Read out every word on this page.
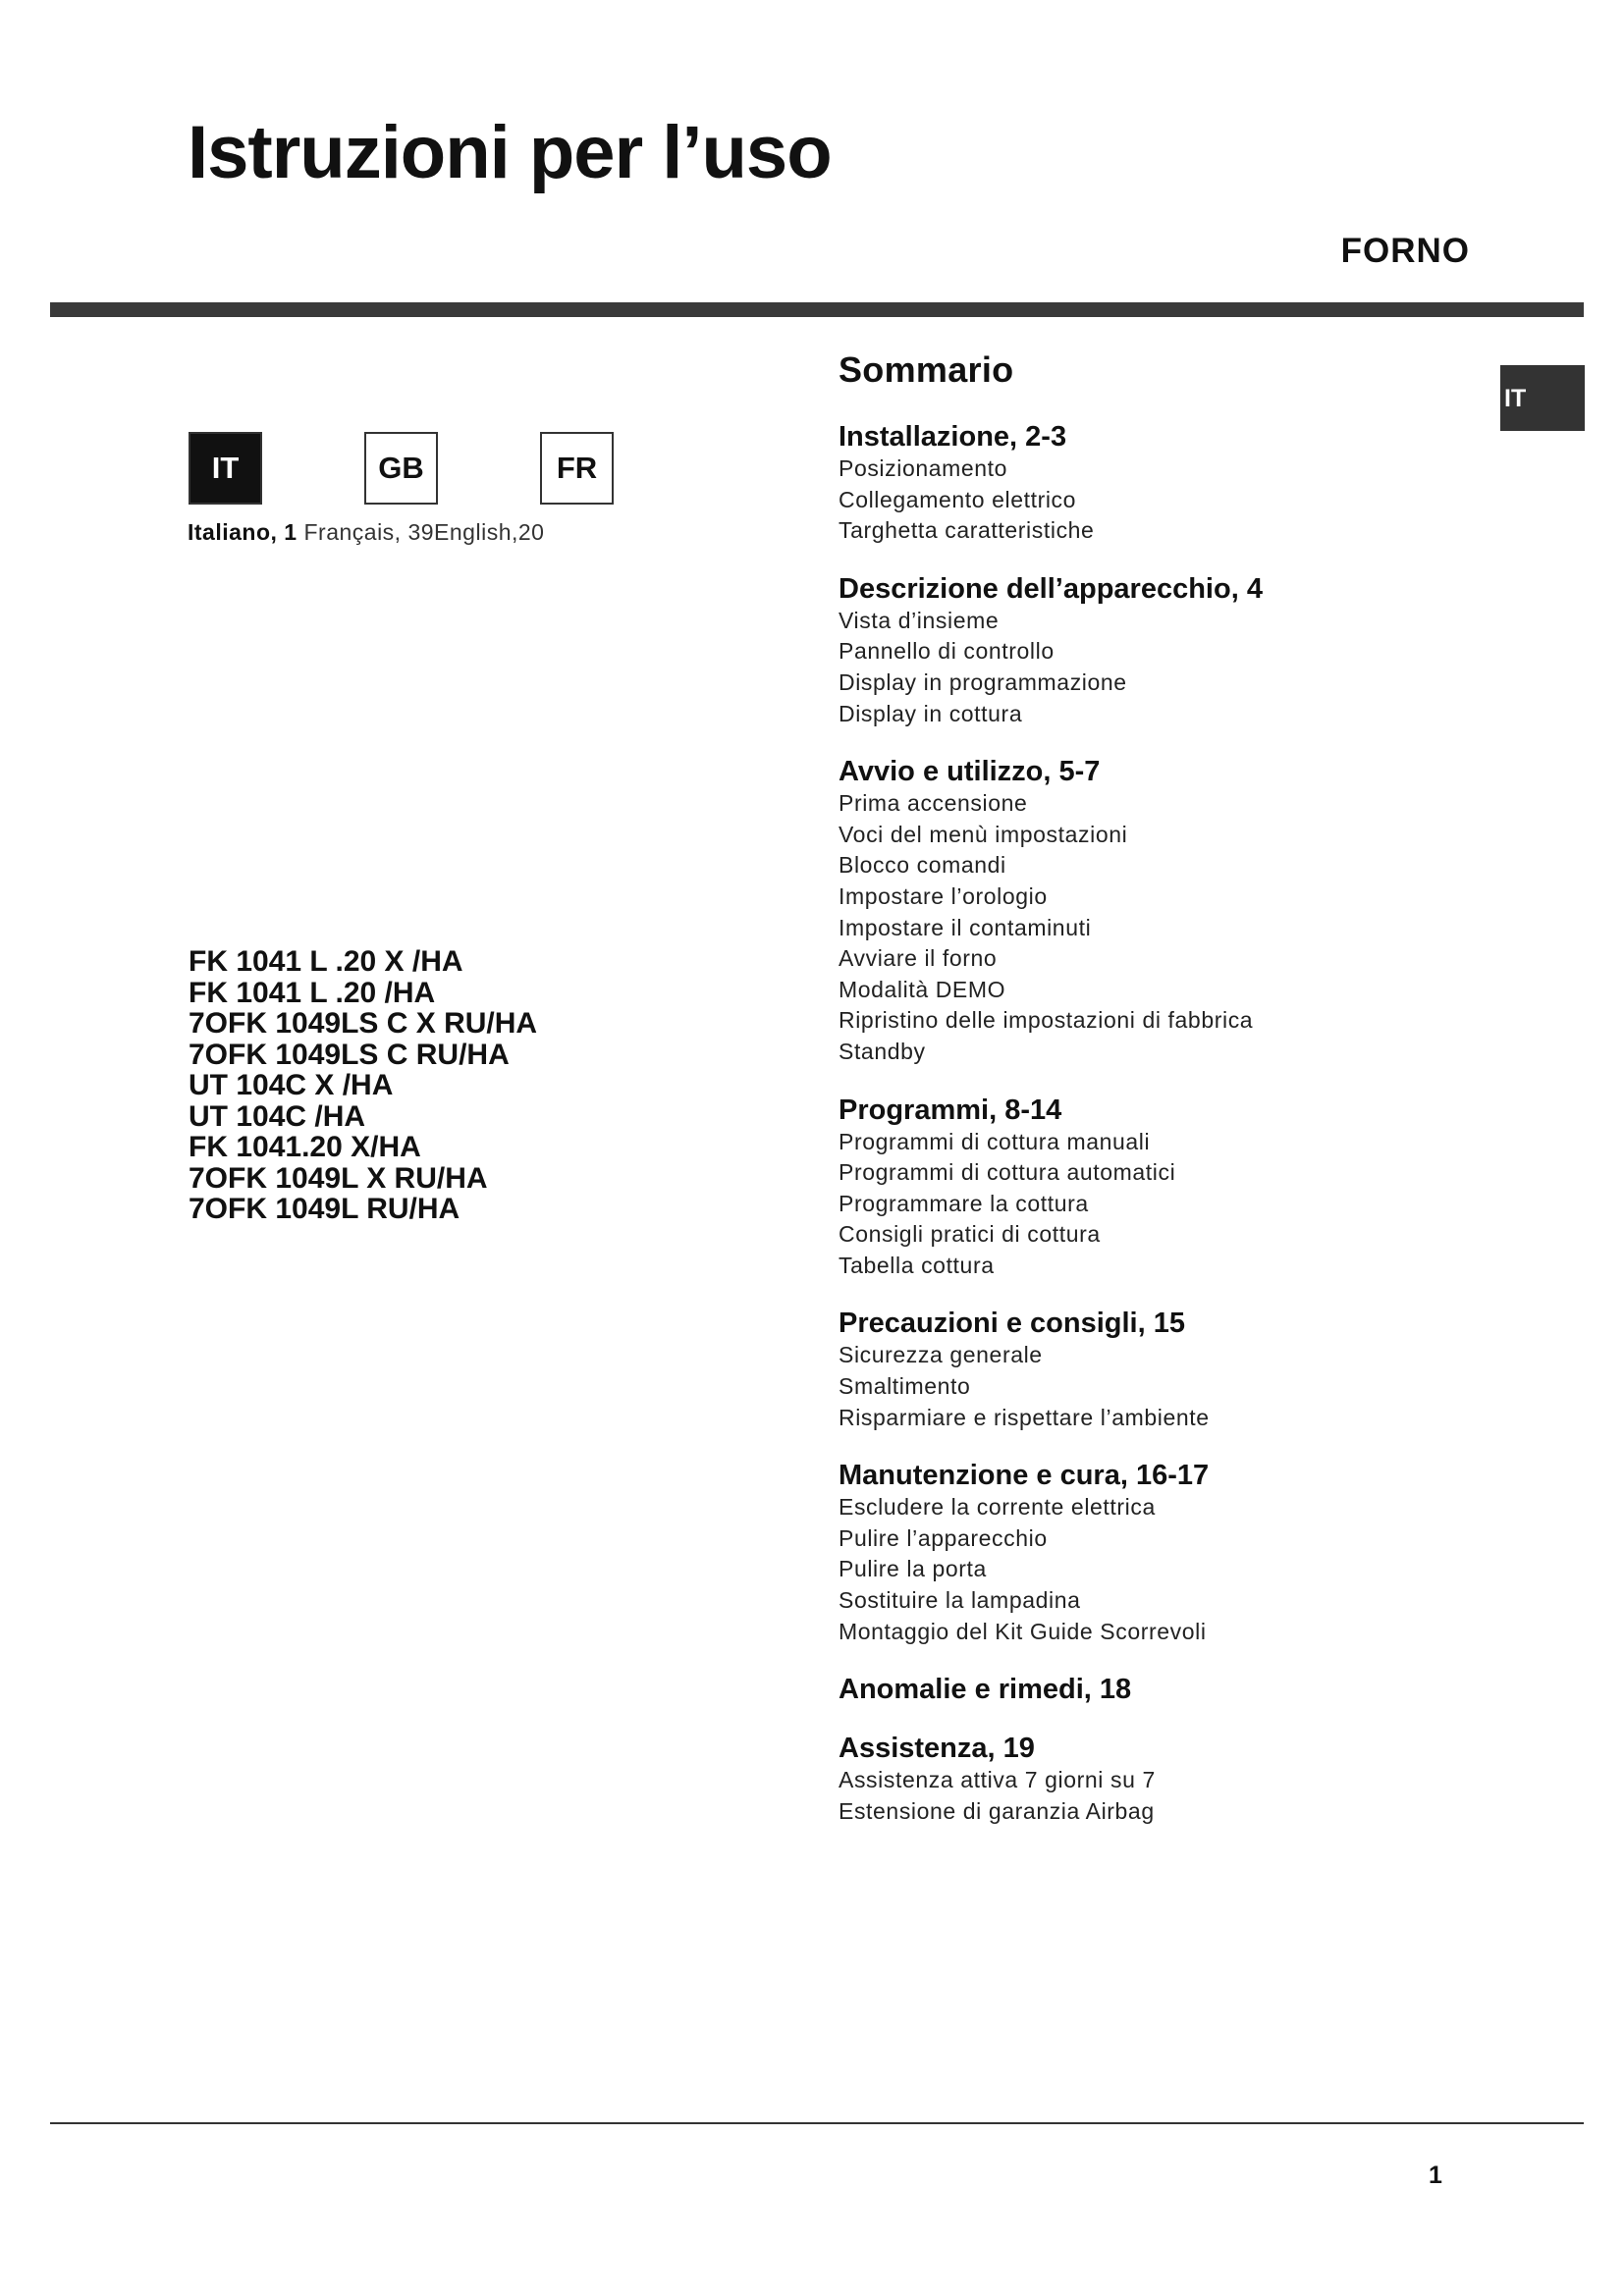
Istruzioni per l’uso
FORNO
IT
IT	GB	FR
Italiano, 1 Français, 39English,20
FK 1041 L .20 X /HA
FK 1041 L .20 /HA
7OFK 1049LS C X RU/HA
7OFK 1049LS C RU/HA
UT 104C X /HA
UT 104C /HA
FK 1041.20 X/HA
7OFK 1049L X RU/HA
7OFK 1049L RU/HA
Sommario
Installazione, 2-3
Posizionamento
Collegamento elettrico
Targhetta caratteristiche
Descrizione dell’apparecchio, 4
Vista d’insieme
Pannello di controllo
Display in programmazione
Display in cottura
Avvio e utilizzo, 5-7
Prima accensione
Voci del menù impostazioni
Blocco comandi
Impostare l’orologio
Impostare il contaminuti
Avviare il forno
Modalità DEMO
Ripristino delle impostazioni di fabbrica
Standby
Programmi, 8-14
Programmi di cottura manuali
Programmi di cottura automatici
Programmare la cottura
Consigli pratici di cottura
Tabella cottura
Precauzioni e consigli, 15
Sicurezza generale
Smaltimento
Risparmiare e rispettare l’ambiente
Manutenzione e cura, 16-17
Escludere la corrente elettrica
Pulire l’apparecchio
Pulire la porta
Sostituire la lampadina
Montaggio del Kit Guide Scorrevoli
Anomalie e rimedi, 18
Assistenza, 19
Assistenza attiva 7 giorni su 7
Estensione di garanzia Airbag
1
